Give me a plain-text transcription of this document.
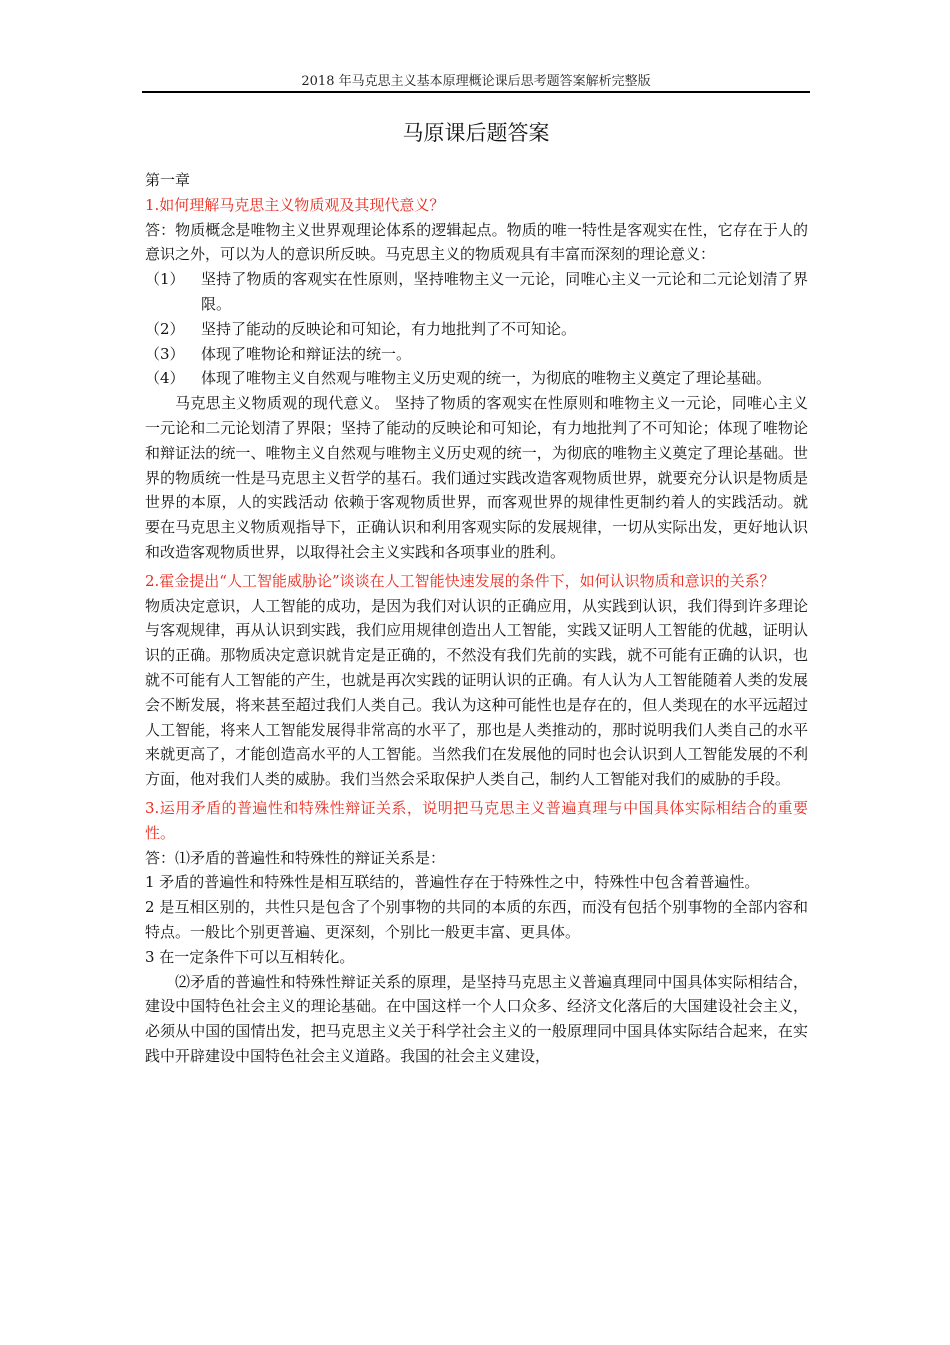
2018 年马克思主义基本原理概论课后思考题答案解析完整版
马原课后题答案

第一章

1.如何理解马克思主义物质观及其现代意义？

答：物质概念是唯物主义世界观理论体系的逻辑起点。物质的唯一特性是客观实在性，它存在于人的意识之外，可以为人的意识所反映。马克思主义的物质观具有丰富而深刻的理论意义：

（1）	坚持了物质的客观实在性原则，坚持唯物主义一元论，同唯心主义一元论和二元论划清了界限。
（2）	坚持了能动的反映论和可知论，有力地批判了不可知论。
（3）	体现了唯物论和辩证法的统一。
（4）	体现了唯物主义自然观与唯物主义历史观的统一，为彻底的唯物主义奠定了理论基础。

马克思主义物质观的现代意义。 坚持了物质的客观实在性原则和唯物主义一元论，同唯心主义一元论和二元论划清了界限；坚持了能动的反映论和可知论，有力地批判了不可知论；体现了唯物论和辩证法的统一、唯物主义自然观与唯物主义历史观的统一，为彻底的唯物主义奠定了理论基础。世界的物质统一性是马克思主义哲学的基石。我们通过实践改造客观物质世界，就要充分认识是物质是世界的本原，人的实践活动 依赖于客观物质世界，而客观世界的规律性更制约着人的实践活动。就要在马克思主义物质观指导下，正确认识和利用客观实际的发展规律，一切从实际出发，更好地认识和改造客观物质世界，以取得社会主义实践和各项事业的胜利。

2.霍金提出“人工智能威胁论”谈谈在人工智能快速发展的条件下，如何认识物质和意识的关系？

物质决定意识，人工智能的成功，是因为我们对认识的正确应用，从实践到认识，我们得到许多理论与客观规律，再从认识到实践，我们应用规律创造出人工智能，实践又证明人工智能的优越，证明认识的正确。那物质决定意识就肯定是正确的，不然没有我们先前的实践，就不可能有正确的认识，也就不可能有人工智能的产生，也就是再次实践的证明认识的正确。有人认为人工智能随着人类的发展会不断发展，将来甚至超过我们人类自己。我认为这种可能性也是存在的，但人类现在的水平远超过人工智能，将来人工智能发展得非常高的水平了，那也是人类推动的，那时说明我们人类自己的水平来就更高了，才能创造高水平的人工智能。当然我们在发展他的同时也会认识到人工智能发展的不利方面，他对我们人类的威胁。我们当然会采取保护人类自己，制约人工智能对我们的威胁的手段。

3.运用矛盾的普遍性和特殊性辩证关系，说明把马克思主义普遍真理与中国具体实际相结合的重要性。

答：⑴矛盾的普遍性和特殊性的辩证关系是：

1 矛盾的普遍性和特殊性是相互联结的，普遍性存在于特殊性之中，特殊性中包含着普遍性。

2 是互相区别的，共性只是包含了个别事物的共同的本质的东西，而没有包括个别事物的全部内容和特点。一般比个别更普遍、更深刻，个别比一般更丰富、更具体。

3 在一定条件下可以互相转化。

⑵矛盾的普遍性和特殊性辩证关系的原理，是坚持马克思主义普遍真理同中国具体实际相结合，建设中国特色社会主义的理论基础。在中国这样一个人口众多、经济文化落后的大国建设社会主义，必须从中国的国情出发，把马克思主义关于科学社会主义的一般原理同中国具体实际结合起来，在实践中开辟建设中国特色社会主义道路。我国的社会主义建设，
